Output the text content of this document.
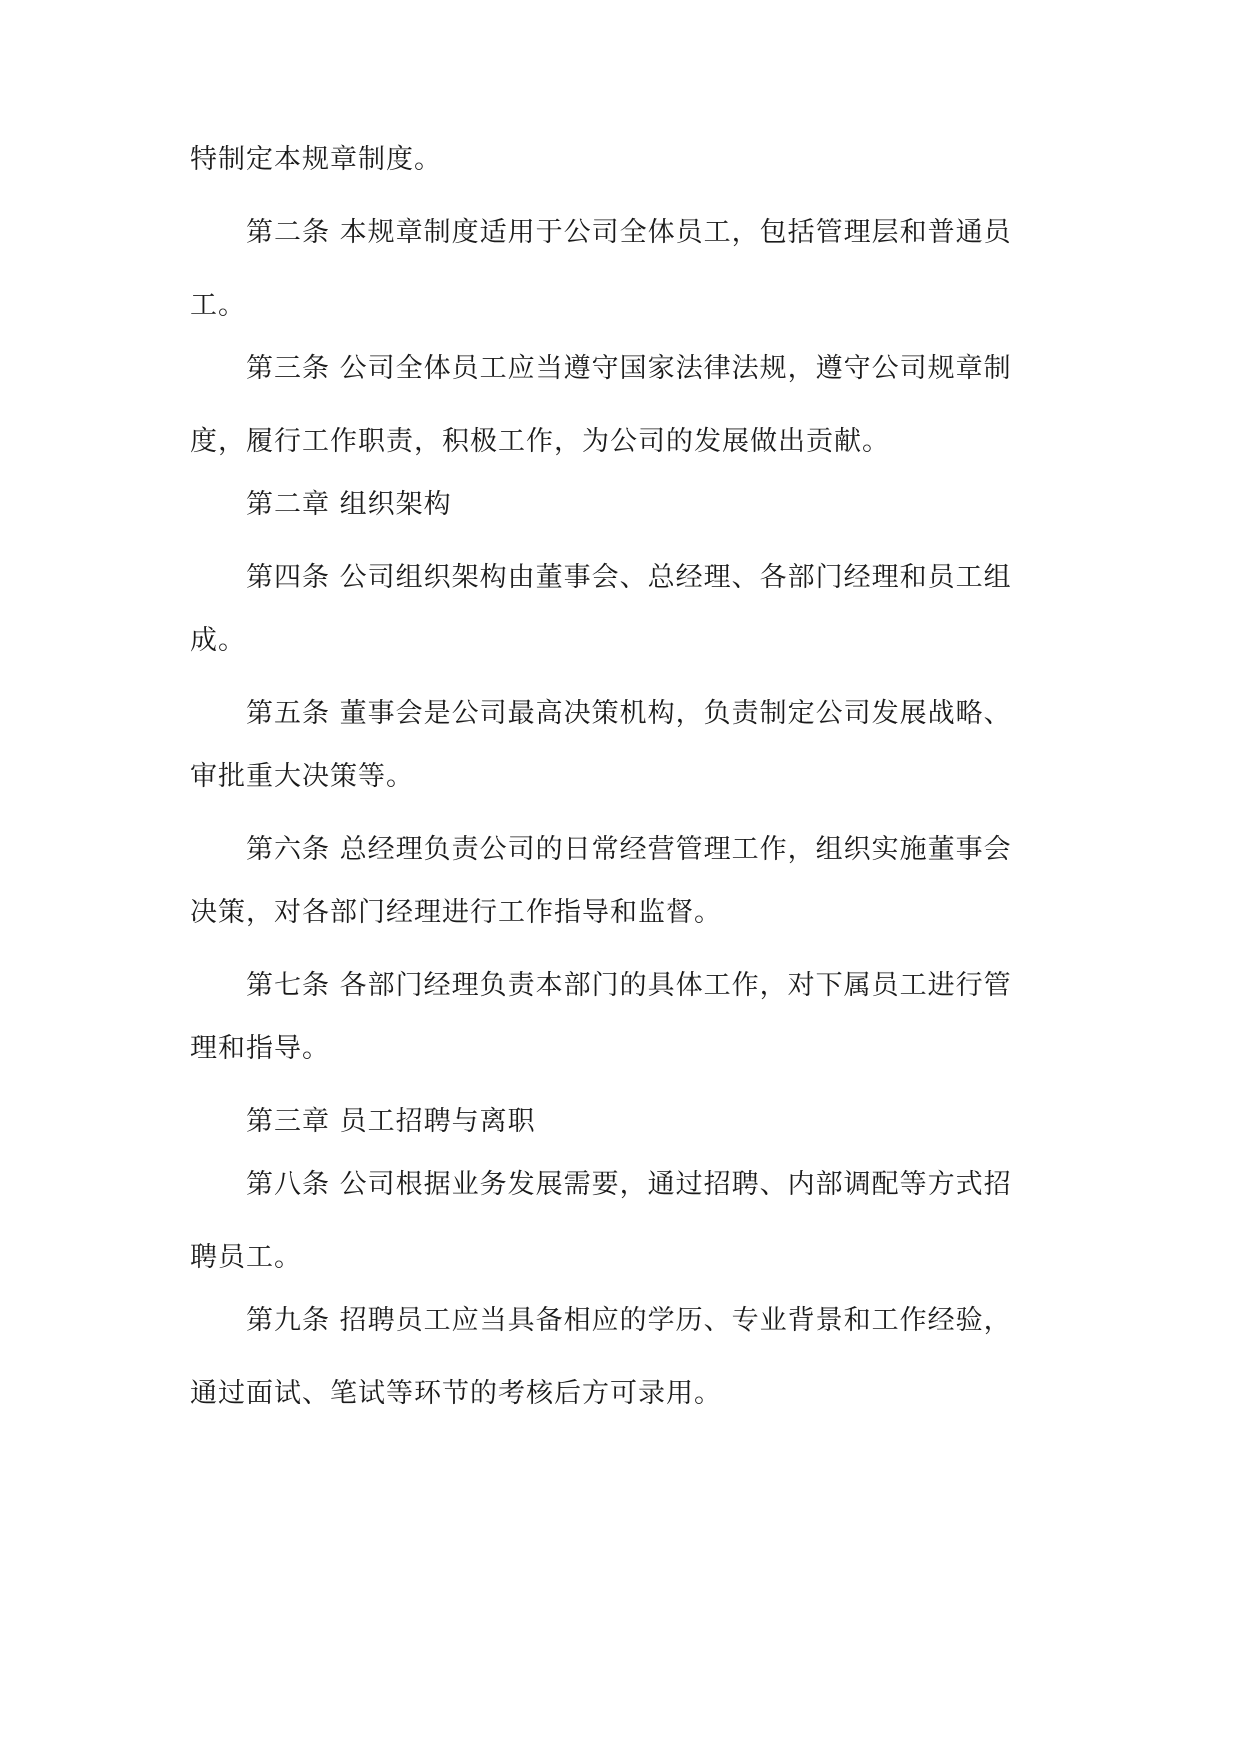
特制定本规章制度。
第二条 本规章制度适用于公司全体员工，包括管理层和普通员
工。
第三条 公司全体员工应当遵守国家法律法规，遵守公司规章制
度，履行工作职责，积极工作，为公司的发展做出贡献。
第二章 组织架构
第四条 公司组织架构由董事会、总经理、各部门经理和员工组
成。
第五条 董事会是公司最高决策机构，负责制定公司发展战略、
审批重大决策等。
第六条 总经理负责公司的日常经营管理工作，组织实施董事会
决策，对各部门经理进行工作指导和监督。
第七条 各部门经理负责本部门的具体工作，对下属员工进行管
理和指导。
第三章 员工招聘与离职
第八条 公司根据业务发展需要，通过招聘、内部调配等方式招
聘员工。
第九条 招聘员工应当具备相应的学历、专业背景和工作经验，
通过面试、笔试等环节的考核后方可录用。
